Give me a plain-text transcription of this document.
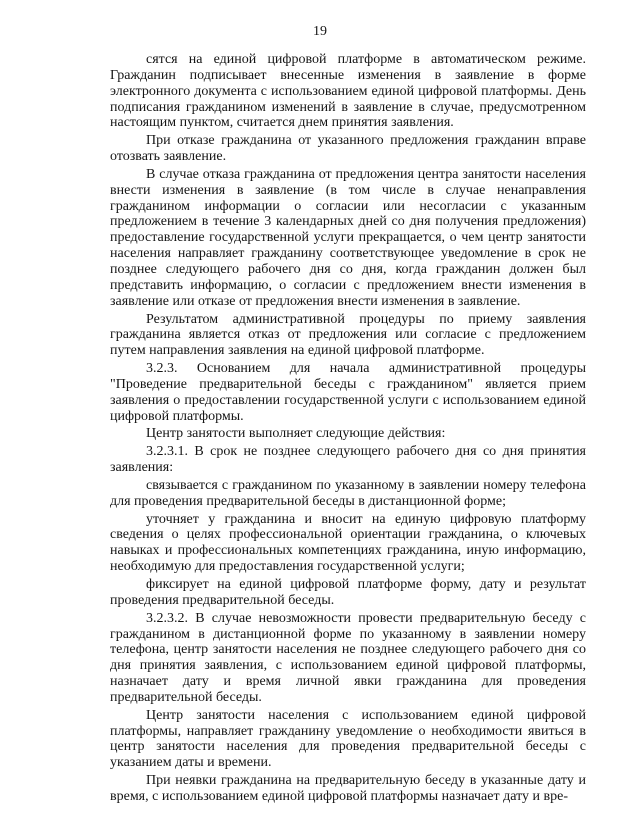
19

сятся на единой цифровой платформе в автоматическом режиме. Гражданин подписывает внесенные изменения в заявление в форме электронного документа с использованием единой цифровой платформы. День подписания гражданином изменений в заявление в случае, предусмотренном настоящим пунктом, считается днем принятия заявления.

При отказе гражданина от указанного предложения гражданин вправе отозвать заявление.

В случае отказа гражданина от предложения центра занятости населения внести изменения в заявление (в том числе в случае ненаправления гражданином информации о согласии или несогласии с указанным предложением в течение 3 календарных дней со дня получения предложения) предоставление государственной услуги прекращается, о чем центр занятости населения направляет гражданину соответствующее уведомление в срок не позднее следующего рабочего дня со дня, когда гражданин должен был представить информацию, о согласии с предложением внести изменения в заявление или отказе от предложения внести изменения в заявление.

Результатом административной процедуры по приему заявления гражданина является отказ от предложения или согласие с предложением путем направления заявления на единой цифровой платформе.

3.2.3. Основанием для начала административной процедуры "Проведение предварительной беседы с гражданином" является прием заявления о предоставлении государственной услуги с использованием единой цифровой платформы.

Центр занятости выполняет следующие действия:

3.2.3.1. В срок не позднее следующего рабочего дня со дня принятия заявления:

связывается с гражданином по указанному в заявлении номеру телефона для проведения предварительной беседы в дистанционной форме;

уточняет у гражданина и вносит на единую цифровую платформу сведения о целях профессиональной ориентации гражданина, о ключевых навыках и профессиональных компетенциях гражданина, иную информацию, необходимую для предоставления государственной услуги;

фиксирует на единой цифровой платформе форму, дату и результат проведения предварительной беседы.

3.2.3.2. В случае невозможности провести предварительную беседу с гражданином в дистанционной форме по указанному в заявлении номеру телефона, центр занятости населения не позднее следующего рабочего дня со дня принятия заявления, с использованием единой цифровой платформы, назначает дату и время личной явки гражданина для проведения предварительной беседы.

Центр занятости населения с использованием единой цифровой платформы, направляет гражданину уведомление о необходимости явиться в центр занятости населения для проведения предварительной беседы с указанием даты и времени.

При неявки гражданина на предварительную беседу в указанные дату и время, с использованием единой цифровой платформы назначает дату и вре-
